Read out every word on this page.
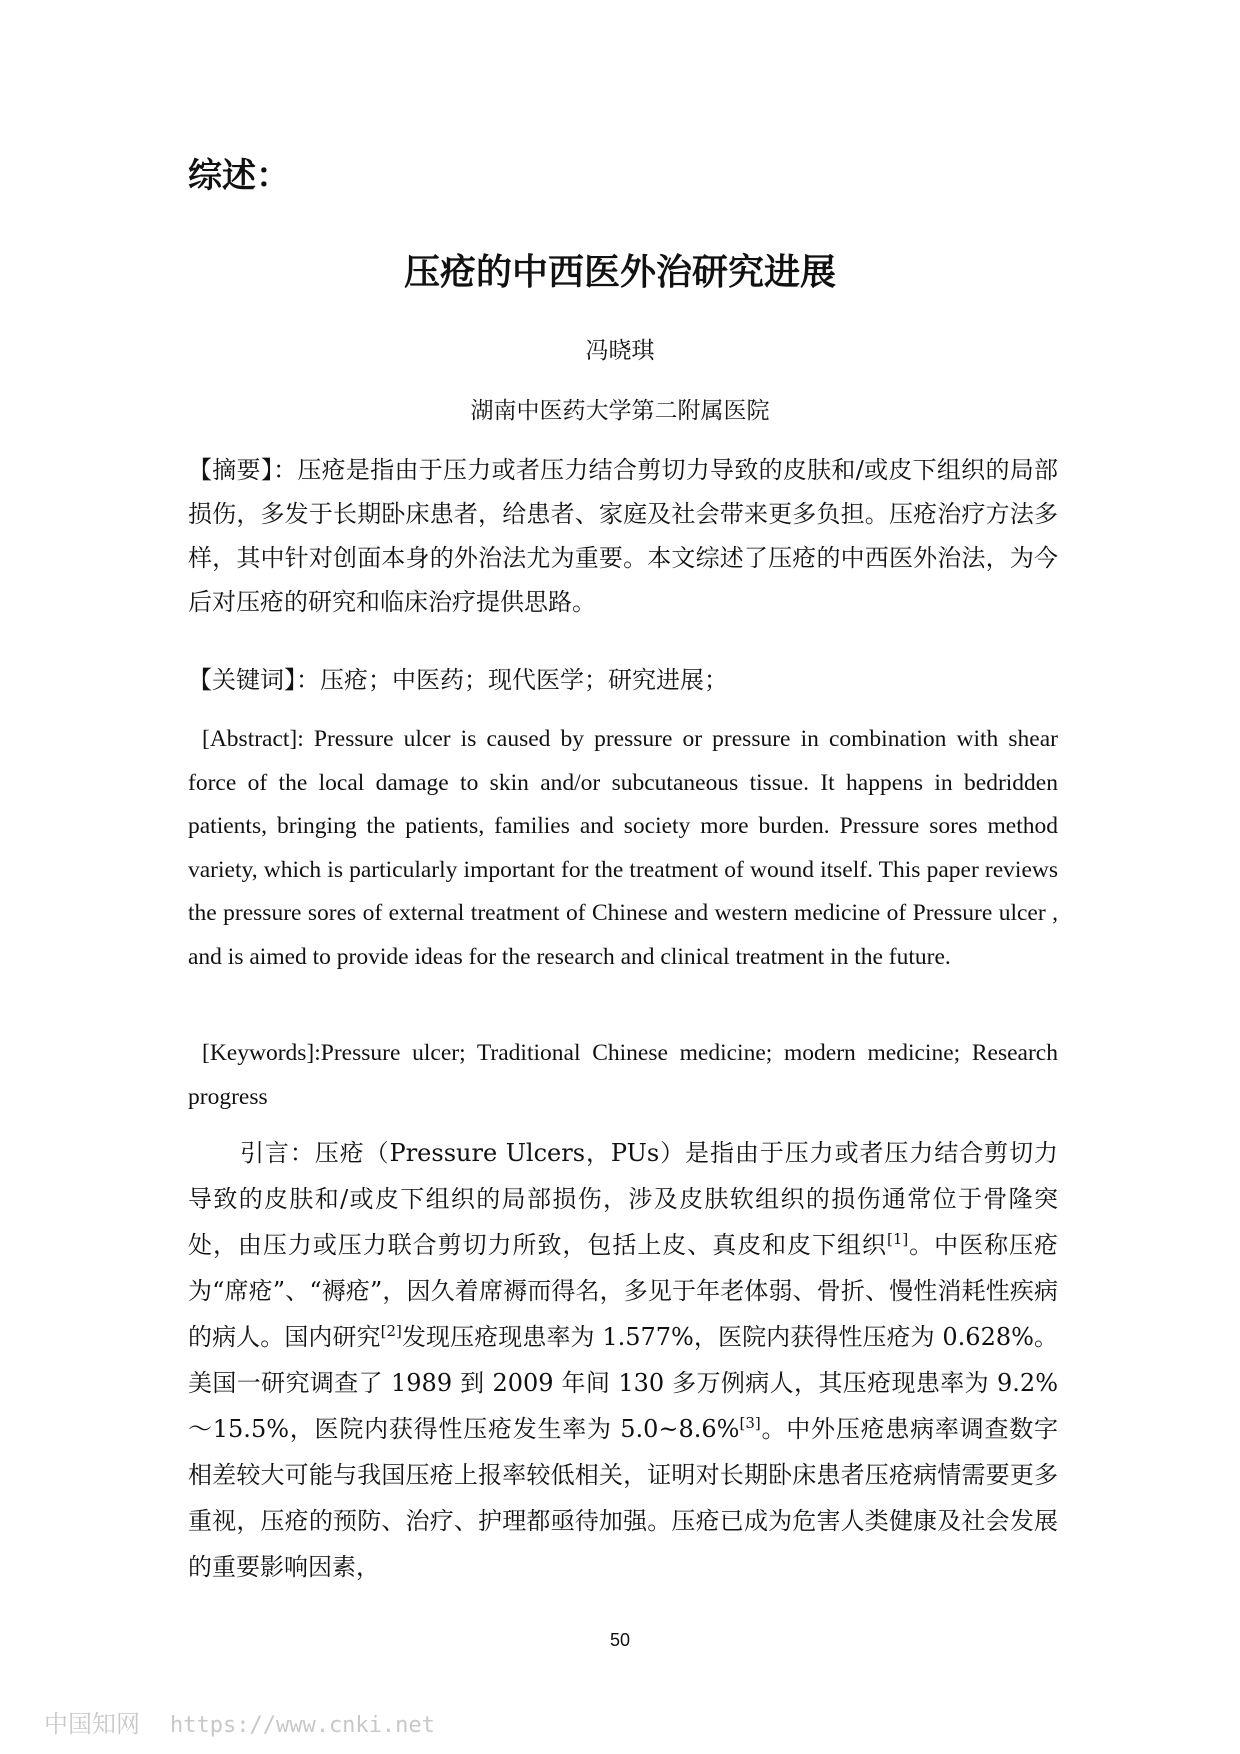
综述：
压疮的中西医外治研究进展
冯晓琪
湖南中医药大学第二附属医院
【摘要】：压疮是指由于压力或者压力结合剪切力导致的皮肤和/或皮下组织的局部损伤，多发于长期卧床患者，给患者、家庭及社会带来更多负担。压疮治疗方法多样，其中针对创面本身的外治法尤为重要。本文综述了压疮的中西医外治法，为今后对压疮的研究和临床治疗提供思路。
【关键词】：压疮；中医药；现代医学；研究进展；
[Abstract]: Pressure ulcer is caused by pressure or pressure in combination with shear force of the local damage to skin and/or subcutaneous tissue. It happens in bedridden patients, bringing the patients, families and society more burden. Pressure sores method variety, which is particularly important for the treatment of wound itself. This paper reviews the pressure sores of external treatment of Chinese and western medicine of Pressure ulcer , and is aimed to provide ideas for the research and clinical treatment in the future.
[Keywords]:Pressure ulcer; Traditional Chinese medicine; modern medicine; Research progress
引言：压疮（Pressure Ulcers，PUs）是指由于压力或者压力结合剪切力导致的皮肤和/或皮下组织的局部损伤，涉及皮肤软组织的损伤通常位于骨隆突处，由压力或压力联合剪切力所致，包括上皮、真皮和皮下组织[1]。中医称压疮为“席疮”、“褥疮”，因久着席褥而得名，多见于年老体弱、骨折、慢性消耗性疾病的病人。国内研究[2]发现压疮现患率为 1.577%，医院内获得性压疮为 0.628%。美国一研究调查了 1989 到 2009 年间 130 多万例病人，其压疮现患率为 9.2%～15.5%，医院内获得性压疮发生率为 5.0~8.6%[3]。中外压疮患病率调查数字相差较大可能与我国压疮上报率较低相关，证明对长期卧床患者压疮病情需要更多重视，压疮的预防、治疗、护理都亟待加强。压疮已成为危害人类健康及社会发展的重要影响因素，
50
中国知网 https://www.cnki.net
